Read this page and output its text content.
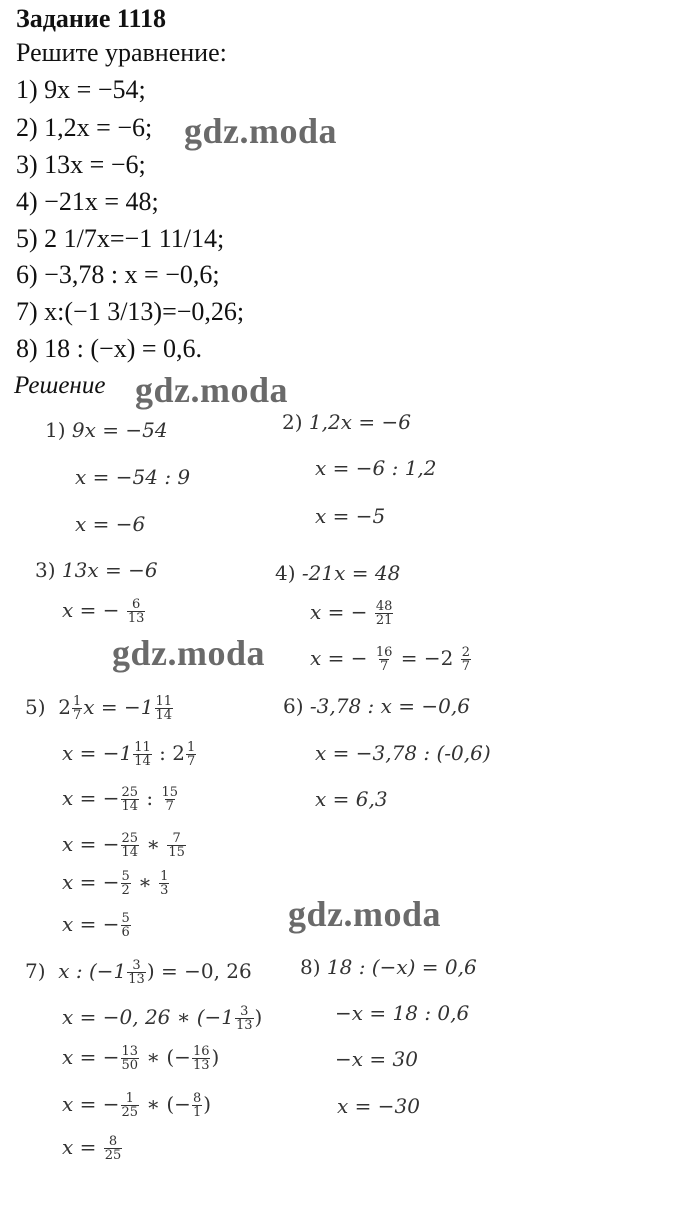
Задание 1118
Решите уравнение:
1) 9x = −54;
2) 1,2x = −6;
3) 13x = −6;
4) −21x = 48;
5) 2 1/7x=−1 11/14;
6) −3,78 : x = −0,6;
7) x:(−1 3/13)=−0,26;
8) 18 : (−x) = 0,6.
Решение
gdz.moda
gdz.moda
gdz.moda
gdz.moda
1) 9x = −54
x = −54 : 9
x = −6
2) 1,2x = −6
x = −6 : 1,2
x = −5
3) 13x = −6
x = − $\frac{6}{13}$
4) -21x = 48
x = − $\frac{48}{21}$
x = − $\frac{16}{7} = -2 \frac{2}{7}$
5) $2 \frac{1}{7}$ $x = -1 \frac{11}{14}$
$x = -1 \frac{11}{14}$ : $2 \frac{1}{7}$
x = − $\frac{25}{14}$ : $\frac{15}{7}$
x = − $\frac{25}{14}$ ∗ $\frac{7}{15}$
x = − $\frac{5}{2}$ ∗ $\frac{1}{3}$
x = − $\frac{5}{6}$
6) -3,78 : x = −0,6
x = −3,78 : (-0,6)
x = 6,3
7) x : ($-1 \frac{3}{13}$ ) = −0, 26
x = −0, 26 ∗ ($-1 \frac{3}{13}$ )
x = − $\frac{13}{50}$ ∗ (− $\frac{16}{13}$ )
x = − $\frac{1}{25}$ ∗ (− $\frac{8}{1}$ )
$x = \frac{8}{25}$
8) 18 : (−x) = 0,6
−x = 18 : 0,6
−x = 30
x = −30
